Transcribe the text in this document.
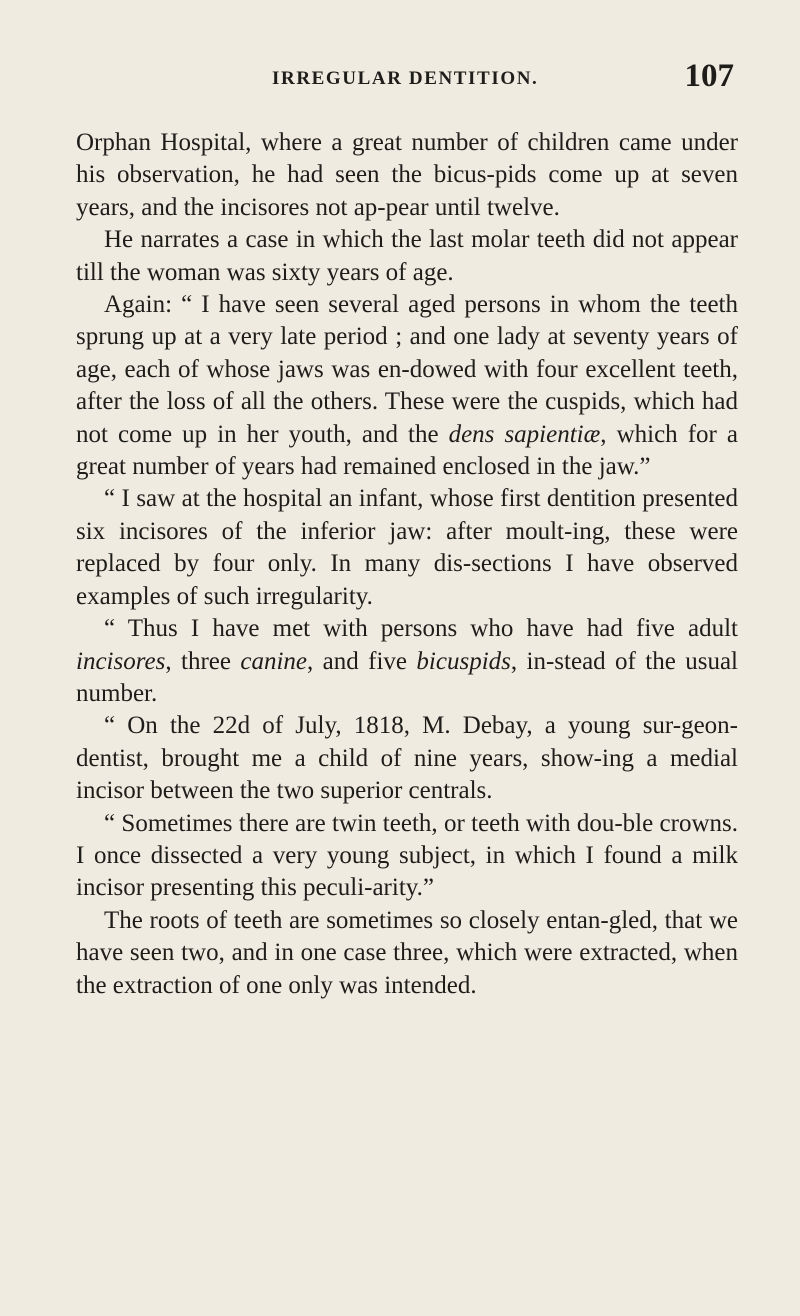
IRREGULAR DENTITION.	107

Orphan Hospital, where a great number of children came under his observation, he had seen the bicus-pids come up at seven years, and the incisores not ap-pear until twelve.

He narrates a case in which the last molar teeth did not appear till the woman was sixty years of age.

Again: “ I have seen several aged persons in whom the teeth sprung up at a very late period ; and one lady at seventy years of age, each of whose jaws was en-dowed with four excellent teeth, after the loss of all the others. These were the cuspids, which had not come up in her youth, and the dens sapientiæ, which for a great number of years had remained enclosed in the jaw.”

“ I saw at the hospital an infant, whose first dentition presented six incisores of the inferior jaw: after moult-ing, these were replaced by four only. In many dis-sections I have observed examples of such irregularity.

“ Thus I have met with persons who have had five adult incisores, three canine, and five bicuspids, in-stead of the usual number.

“ On the 22d of July, 1818, M. Debay, a young sur-geon-dentist, brought me a child of nine years, show-ing a medial incisor between the two superior centrals.

“ Sometimes there are twin teeth, or teeth with dou-ble crowns. I once dissected a very young subject, in which I found a milk incisor presenting this peculi-arity.”

The roots of teeth are sometimes so closely entan-gled, that we have seen two, and in one case three, which were extracted, when the extraction of one only was intended.
